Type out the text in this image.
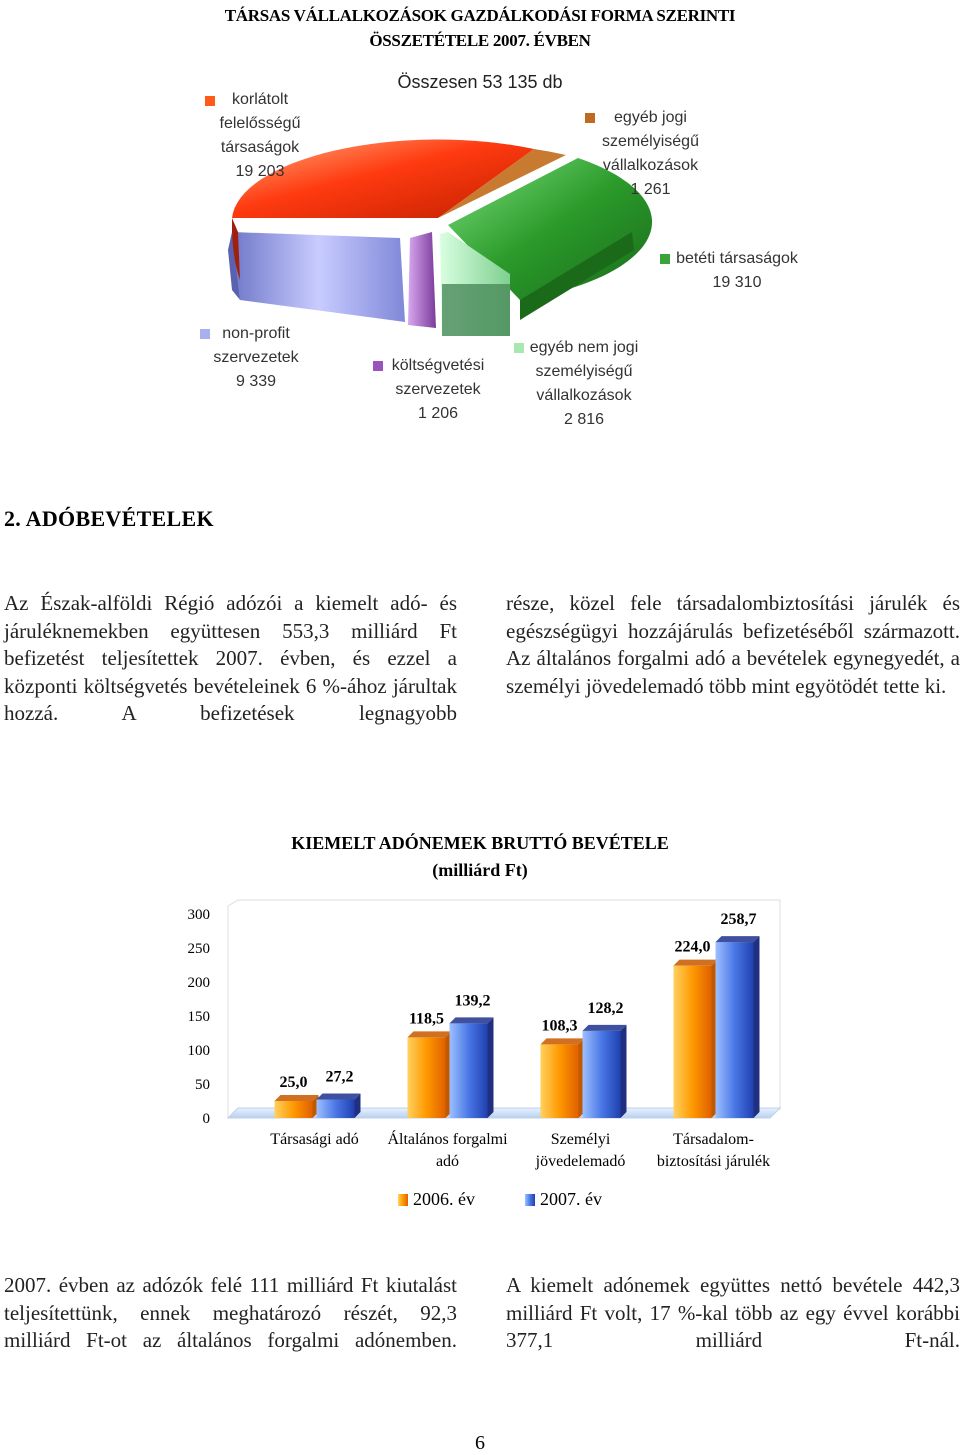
TÁRSAS VÁLLALKOZÁSOK GAZDÁLKODÁSI FORMA SZERINTI
ÖSSZETÉTELE 2007. ÉVBEN
Összesen 53 135 db
korlátolt
felelősségű
társaságok
19 203
egyéb jogi
személyiségű
vállalkozások
1 261
betéti társaságok
19 310
non-profit
szervezetek
9 339
költségvetési
szervezetek
1 206
egyéb nem jogi
személyiségű
vállalkozások
2 816
2. ADÓBEVÉTELEK
Az Észak-alföldi Régió adózói a kiemelt adó- és járuléknemekben együttesen 553,3 milliárd Ft befizetést teljesítettek 2007. évben, és ezzel a központi költségvetés bevételeinek 6 %-ához járultak hozzá. A befizetések legnagyobb
része, közel fele társadalombiztosítási járulék és egészségügyi hozzájárulás befizetéséből származott. Az általános forgalmi adó a bevételek egynegyedét, a személyi jövedelemadó több mint egyötödét tette ki.
KIEMELT ADÓNEMEK BRUTTÓ BEVÉTELE
(milliárd Ft)
300
250
200
150
100
50
0
25,0 27,2
Társasági adó
118,5
139,2
Általános forgalmi
adó
108,3
128,2
Személyi
jövedelemadó
224,0
258,7
Társadalom-
biztosítási járulék
2006. év	2007. év
2007. évben az adózók felé 111 milliárd Ft kiutalást teljesítettünk, ennek meghatározó részét, 92,3 milliárd Ft-ot az általános forgalmi adónemben.
A kiemelt adónemek együttes nettó bevétele 442,3 milliárd Ft volt, 17 %-kal több az egy évvel korábbi 377,1 milliárd Ft-nál.
6
